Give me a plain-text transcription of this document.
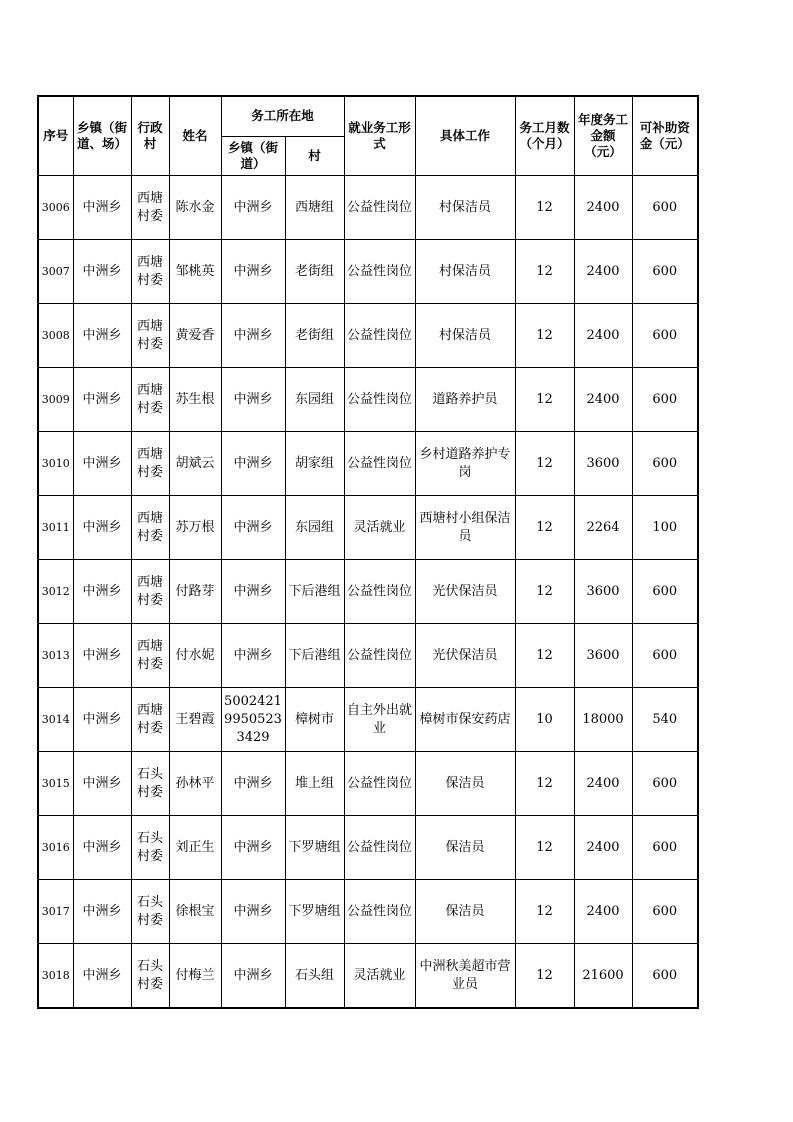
序号	乡镇（街道、场）	行政村	姓名	务工所在地		就业务工形式	具体工作	务工月数（个月）	年度务工金额（元）	可补助资金（元）
				乡镇（街道）	村					
3006	中洲乡	西塘村委	陈水金	中洲乡	西塘组	公益性岗位	村保洁员	12	2400	600
3007	中洲乡	西塘村委	邹桃英	中洲乡	老街组	公益性岗位	村保洁员	12	2400	600
3008	中洲乡	西塘村委	黄爱香	中洲乡	老街组	公益性岗位	村保洁员	12	2400	600
3009	中洲乡	西塘村委	苏生根	中洲乡	东园组	公益性岗位	道路养护员	12	2400	600
3010	中洲乡	西塘村委	胡斌云	中洲乡	胡家组	公益性岗位	乡村道路养护专岗	12	3600	600
3011	中洲乡	西塘村委	苏万根	中洲乡	东园组	灵活就业	西塘村小组保洁员	12	2264	100
3012	中洲乡	西塘村委	付路芽	中洲乡	下后港组	公益性岗位	光伏保洁员	12	3600	600
3013	中洲乡	西塘村委	付水妮	中洲乡	下后港组	公益性岗位	光伏保洁员	12	3600	600
3014	中洲乡	西塘村委	王碧霞	500242199505233429	樟树市	自主外出就业	樟树市保安药店	10	18000	540
3015	中洲乡	石头村委	孙林平	中洲乡	堆上组	公益性岗位	保洁员	12	2400	600
3016	中洲乡	石头村委	刘正生	中洲乡	下罗塘组	公益性岗位	保洁员	12	2400	600
3017	中洲乡	石头村委	徐根宝	中洲乡	下罗塘组	公益性岗位	保洁员	12	2400	600
3018	中洲乡	石头村委	付梅兰	中洲乡	石头组	灵活就业	中洲秋美超市营业员	12	21600	600
